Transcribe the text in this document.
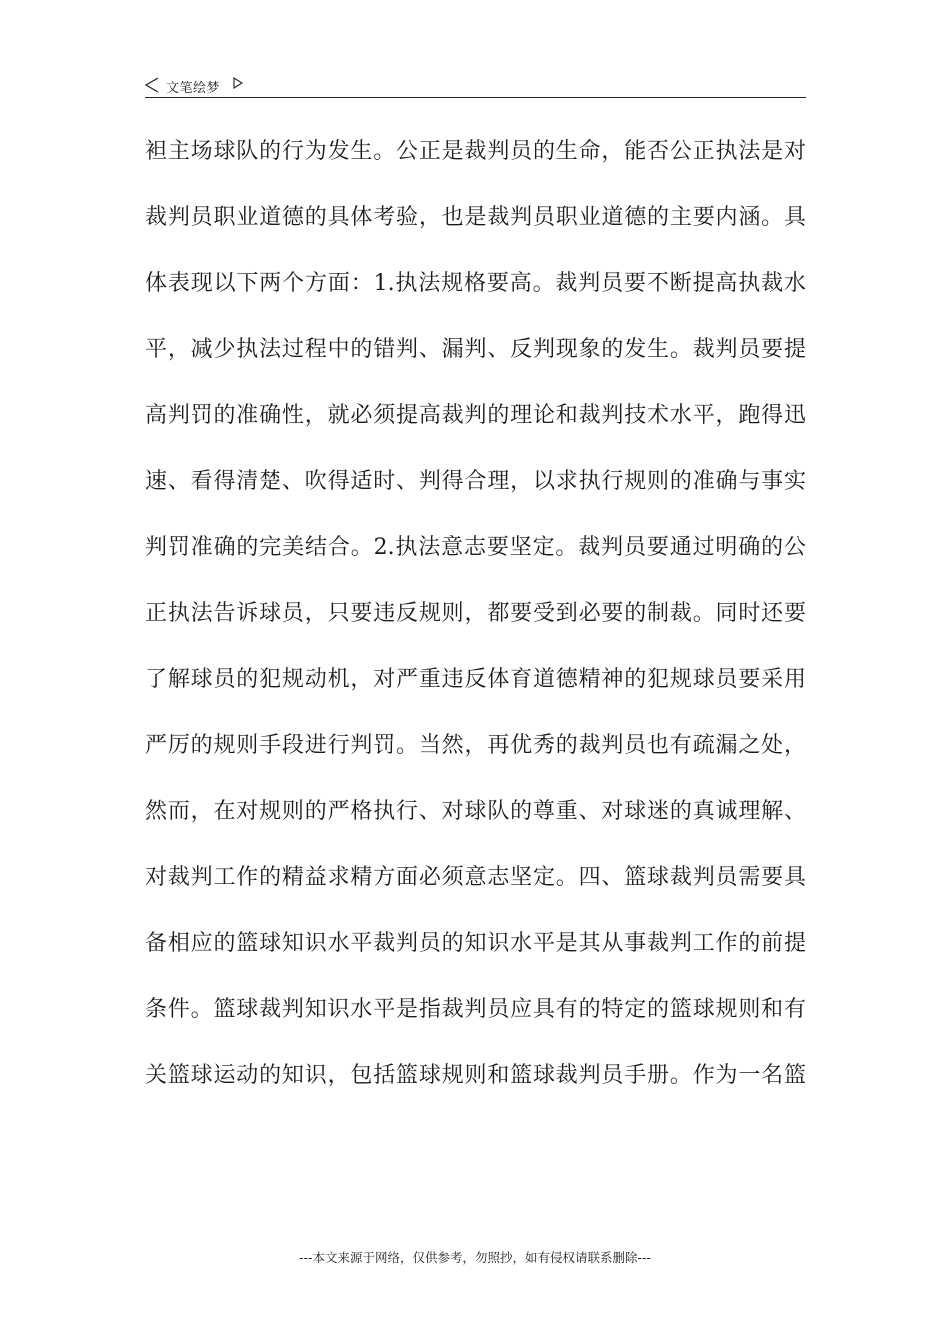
文笔绘梦
袒主场球队的行为发生。公正是裁判员的生命，能否公正执法是对
裁判员职业道德的具体考验，也是裁判员职业道德的主要内涵。具
体表现以下两个方面：1.执法规格要高。裁判员要不断提高执裁水
平，减少执法过程中的错判、漏判、反判现象的发生。裁判员要提
高判罚的准确性，就必须提高裁判的理论和裁判技术水平，跑得迅
速、看得清楚、吹得适时、判得合理，以求执行规则的准确与事实
判罚准确的完美结合。2.执法意志要坚定。裁判员要通过明确的公
正执法告诉球员，只要违反规则，都要受到必要的制裁。同时还要
了解球员的犯规动机，对严重违反体育道德精神的犯规球员要采用
严厉的规则手段进行判罚。当然，再优秀的裁判员也有疏漏之处，
然而，在对规则的严格执行、对球队的尊重、对球迷的真诚理解、
对裁判工作的精益求精方面必须意志坚定。四、篮球裁判员需要具
备相应的篮球知识水平裁判员的知识水平是其从事裁判工作的前提
条件。篮球裁判知识水平是指裁判员应具有的特定的篮球规则和有
关篮球运动的知识，包括篮球规则和篮球裁判员手册。作为一名篮
---本文来源于网络，仅供参考，勿照抄，如有侵权请联系删除---
